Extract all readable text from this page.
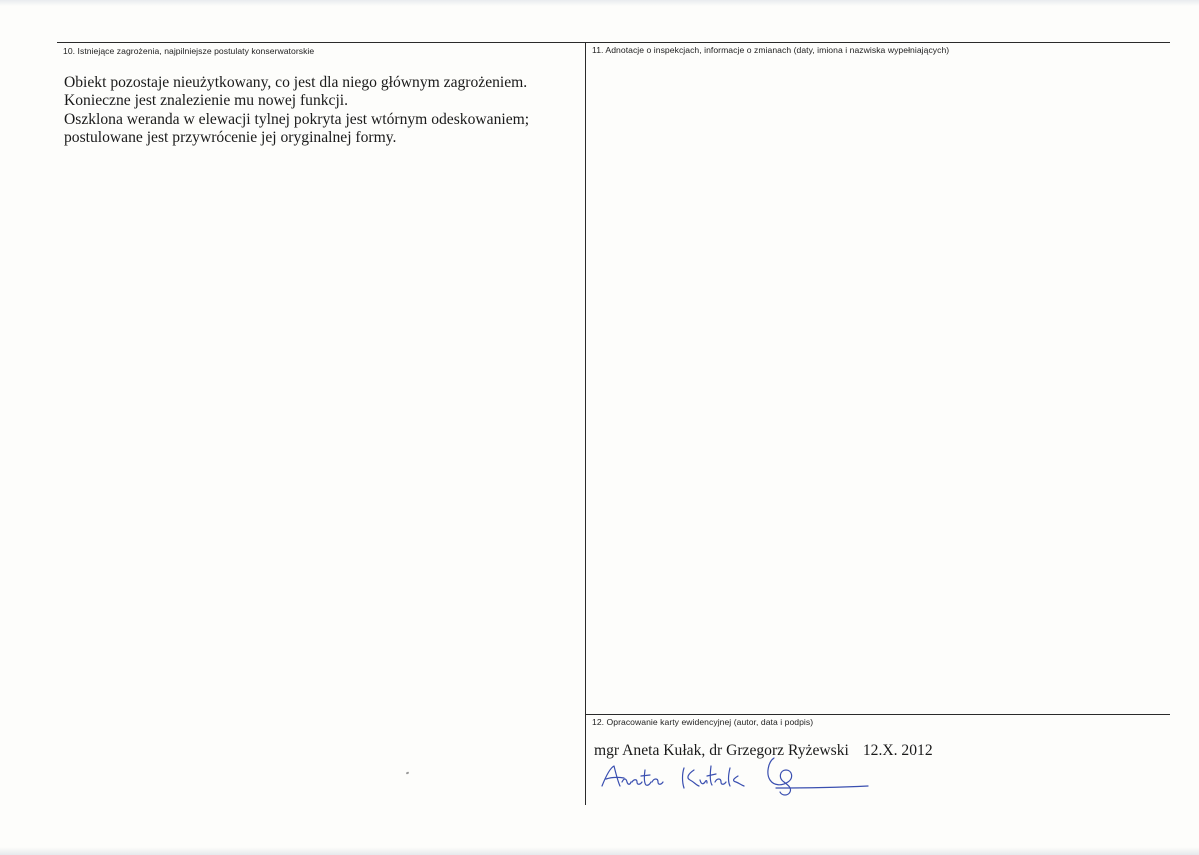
10. Istniejące zagrożenia, najpilniejsze postulaty konserwatorskie

Obiekt pozostaje nieużytkowany, co jest dla niego głównym zagrożeniem.

Konieczne jest znalezienie mu nowej funkcji.

Oszklona weranda w elewacji tylnej pokryta jest wtórnym odeskowaniem;

postulowane jest przywrócenie jej oryginalnej formy.

11. Adnotacje o inspekcjach, informacje o zmianach (daty, imiona i nazwiska wypełniających)
12. Opracowanie karty ewidencyjnej (autor, data i podpis)
mgr Aneta Kułak, dr Grzegorz Ryżewski 12.X. 2012
